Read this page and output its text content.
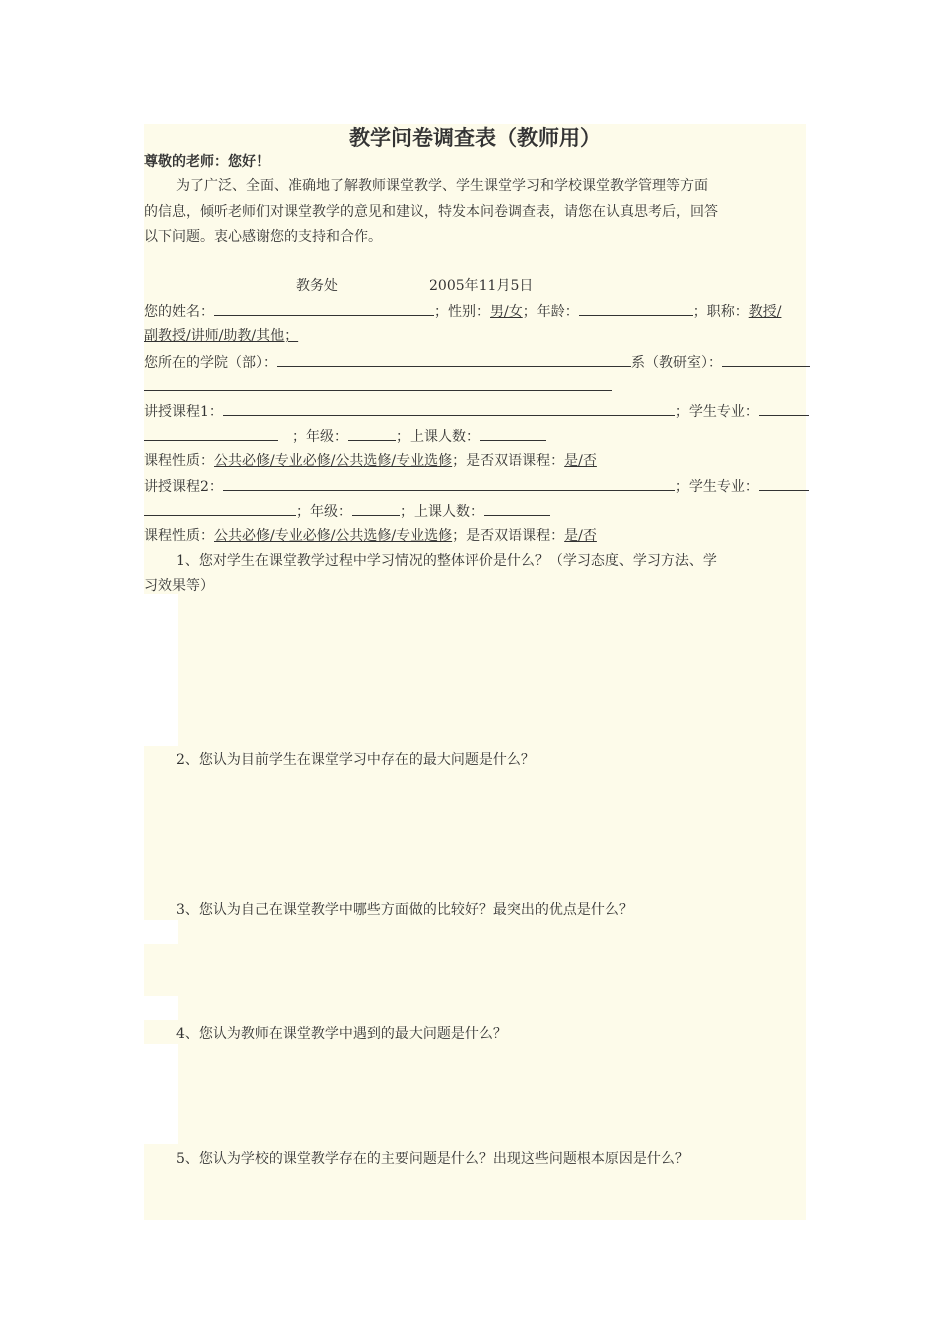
教学问卷调查表（教师用）
尊敬的老师：您好！
为了广泛、全面、准确地了解教师课堂教学、学生课堂学习和学校课堂教学管理等方面
的信息，倾听老师们对课堂教学的意见和建议，特发本问卷调查表，请您在认真思考后，回答
以下问题。衷心感谢您的支持和合作。
教务处	2005年11月5日
您的姓名：	；性别：男/女；年龄：	；职称：教授/
副教授/讲师/助教/其他；
您所在的学院（部）：	系（教研室）：
讲授课程1：	；学生专业：
；年级：	；上课人数：
课程性质：公共必修/专业必修/公共选修/专业选修；是否双语课程：是/否
讲授课程2：	；学生专业：
；年级：	；上课人数：
课程性质：公共必修/专业必修/公共选修/专业选修；是否双语课程：是/否
1、您对学生在课堂教学过程中学习情况的整体评价是什么？（学习态度、学习方法、学
习效果等）
2、您认为目前学生在课堂学习中存在的最大问题是什么？
3、您认为自己在课堂教学中哪些方面做的比较好？最突出的优点是什么？
4、您认为教师在课堂教学中遇到的最大问题是什么？
5、您认为学校的课堂教学存在的主要问题是什么？出现这些问题根本原因是什么？
